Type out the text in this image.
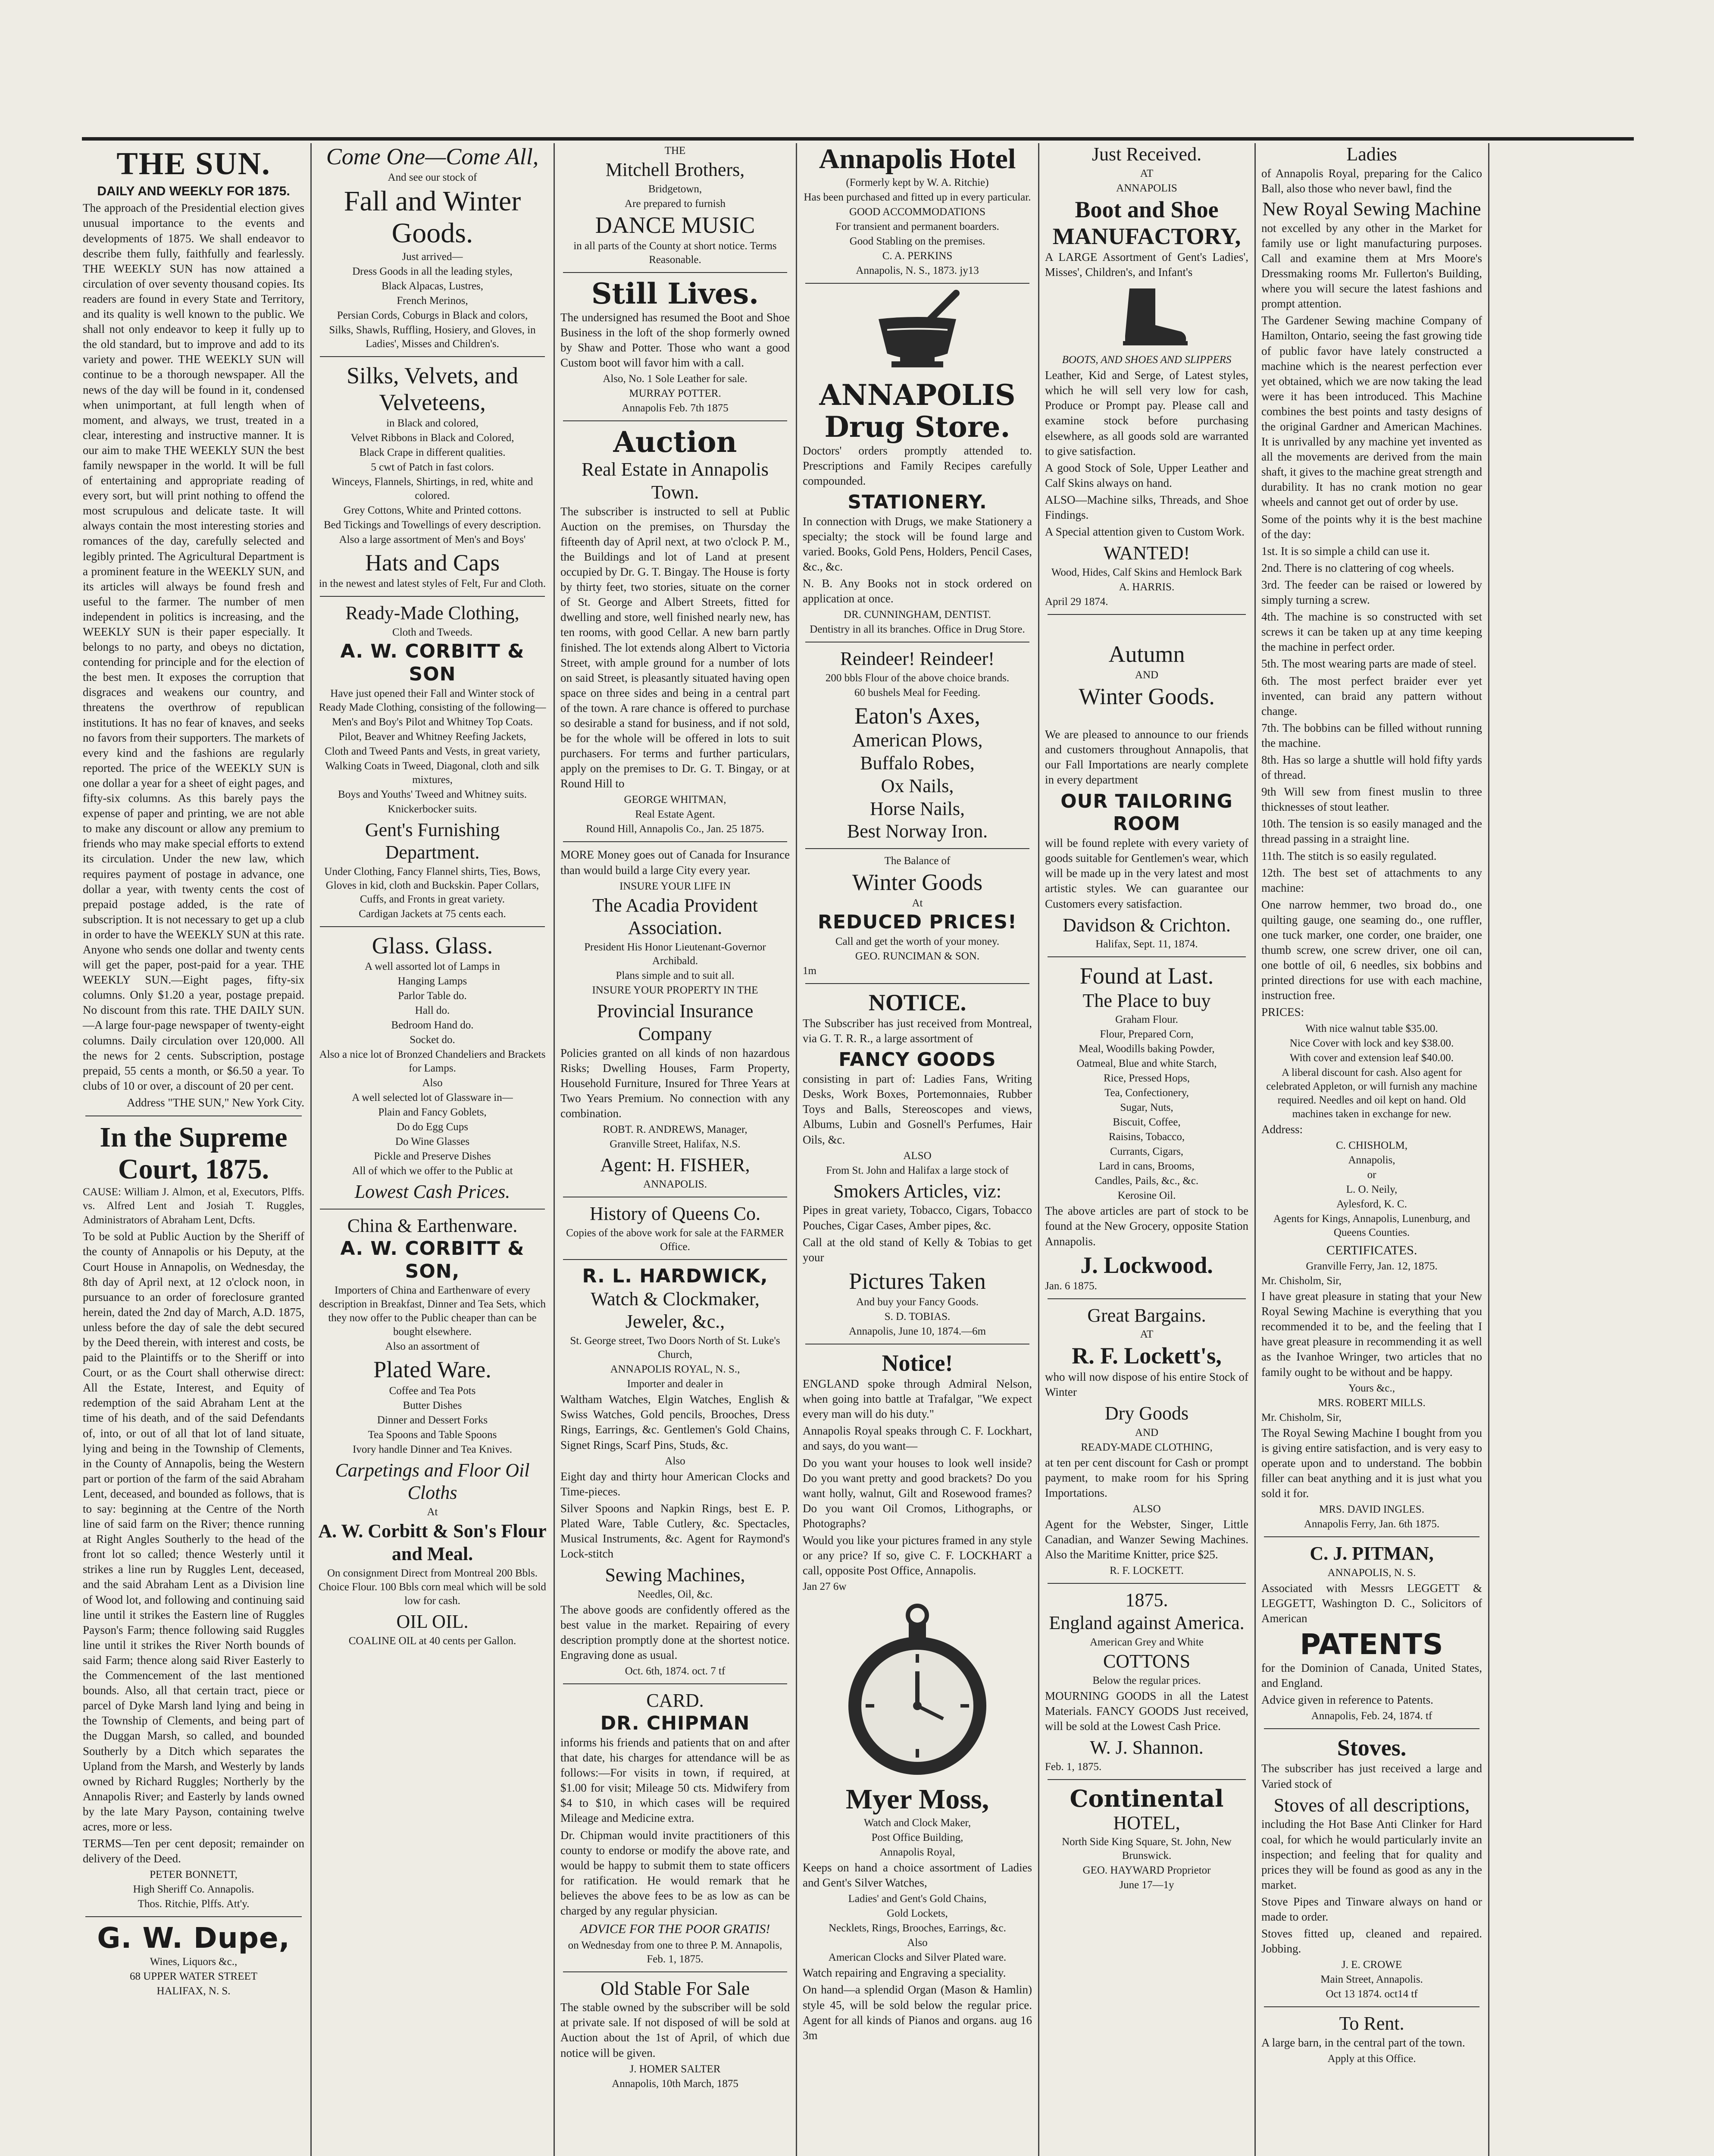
THE SUN.
DAILY AND WEEKLY FOR 1875.

The approach of the Presidential election gives unusual importance to the events and developments of 1875. We shall endeavor to describe them fully, faithfully and fearlessly. THE WEEKLY SUN has now attained a circulation of over seventy thousand copies. Its readers are found in every State and Territory, and its quality is well known to the public. We shall not only endeavor to keep it fully up to the old standard, but to improve and add to its variety and power. THE WEEKLY SUN will continue to be a thorough newspaper. All the news of the day will be found in it, condensed when unimportant, at full length when of moment, and always, we trust, treated in a clear, interesting and instructive manner. It is our aim to make THE WEEKLY SUN the best family newspaper in the world. It will be full of entertaining and appropriate reading of every sort, but will print nothing to offend the most scrupulous and delicate taste. It will always contain the most interesting stories and romances of the day, carefully selected and legibly printed. The Agricultural Department is a prominent feature in the WEEKLY SUN, and its articles will always be found fresh and useful to the farmer. The number of men independent in politics is increasing, and the WEEKLY SUN is their paper especially. It belongs to no party, and obeys no dictation, contending for principle and for the election of the best men. It exposes the corruption that disgraces and weakens our country, and threatens the overthrow of republican institutions. It has no fear of knaves, and seeks no favors from their supporters. The markets of every kind and the fashions are regularly reported. The price of the WEEKLY SUN is one dollar a year for a sheet of eight pages, and fifty-six columns. As this barely pays the expense of paper and printing, we are not able to make any discount or allow any premium to friends who may make special efforts to extend its circulation. Under the new law, which requires payment of postage in advance, one dollar a year, with twenty cents the cost of prepaid postage added, is the rate of subscription. It is not necessary to get up a club in order to have the WEEKLY SUN at this rate. Anyone who sends one dollar and twenty cents will get the paper, post-paid for a year. THE WEEKLY SUN.—Eight pages, fifty-six columns. Only $1.20 a year, postage prepaid. No discount from this rate. THE DAILY SUN.—A large four-page newspaper of twenty-eight columns. Daily circulation over 120,000. All the news for 2 cents. Subscription, postage prepaid, 55 cents a month, or $6.50 a year. To clubs of 10 or over, a discount of 20 per cent.

Address "THE SUN," New York City.

In the Supreme Court, 1875.

CAUSE: William J. Almon, et al, Executors, Plffs. vs. Alfred Lent and Josiah T. Ruggles, Administrators of Abraham Lent, Dcfts.

To be sold at Public Auction by the Sheriff of the county of Annapolis or his Deputy, at the Court House in Annapolis, on Wednesday, the 8th day of April next, at 12 o'clock noon, in pursuance to an order of foreclosure granted herein, dated the 2nd day of March, A.D. 1875, unless before the day of sale the debt secured by the Deed therein, with interest and costs, be paid to the Plaintiffs or to the Sheriff or into Court, or as the Court shall otherwise direct: All the Estate, Interest, and Equity of redemption of the said Abraham Lent at the time of his death, and of the said Defendants of, into, or out of all that lot of land situate, lying and being in the Township of Clements, in the County of Annapolis, being the Western part or portion of the farm of the said Abraham Lent, deceased, and bounded as follows, that is to say: beginning at the Centre of the North line of said farm on the River; thence running at Right Angles Southerly to the head of the front lot so called; thence Westerly until it strikes a line run by Ruggles Lent, deceased, and the said Abraham Lent as a Division line of Wood lot, and following and continuing said line until it strikes the Eastern line of Ruggles Payson's Farm; thence following said Ruggles line until it strikes the River North bounds of said Farm; thence along said River Easterly to the Commencement of the last mentioned bounds. Also, all that certain tract, piece or parcel of Dyke Marsh land lying and being in the Township of Clements, and being part of the Duggan Marsh, so called, and bounded Southerly by a Ditch which separates the Upland from the Marsh, and Westerly by lands owned by Richard Ruggles; Northerly by the Annapolis River; and Easterly by lands owned by the late Mary Payson, containing twelve acres, more or less.

TERMS—Ten per cent deposit; remainder on delivery of the Deed.

PETER BONNETT,
High Sheriff Co. Annapolis.
Thos. Ritchie, Plffs. Att'y.
G. W. Dupe,
Wines, Liquors &c.,
68 UPPER WATER STREET
HALIFAX, N. S.
Come One—Come All,
And see our stock of
Fall and Winter Goods.
Just arrived—
Dress Goods in all the leading styles,
Black Alpacas, Lustres,
French Merinos,
Persian Cords, Coburgs in Black and colors,
Silks, Shawls, Ruffling, Hosiery, and Gloves, in Ladies', Misses and Children's.
Silks, Velvets, and Velveteens,
in Black and colored,
Velvet Ribbons in Black and Colored,
Black Crape in different qualities.
5 cwt of Patch in fast colors.
Winceys, Flannels, Shirtings, in red, white and colored.
Grey Cottons, White and Printed cottons.
Bed Tickings and Towellings of every description.
Also a large assortment of Men's and Boys'
Hats and Caps
in the newest and latest styles of Felt, Fur and Cloth.
Ready-Made Clothing,
Cloth and Tweeds.
A. W. CORBITT & SON
Have just opened their Fall and Winter stock of Ready Made Clothing, consisting of the following—
Men's and Boy's Pilot and Whitney Top Coats.
Pilot, Beaver and Whitney Reefing Jackets,
Cloth and Tweed Pants and Vests, in great variety,
Walking Coats in Tweed, Diagonal, cloth and silk mixtures,
Boys and Youths' Tweed and Whitney suits.
Knickerbocker suits.
Gent's Furnishing Department.
Under Clothing, Fancy Flannel shirts, Ties, Bows, Gloves in kid, cloth and Buckskin. Paper Collars, Cuffs, and Fronts in great variety.
Cardigan Jackets at 75 cents each.
Glass. Glass.
A well assorted lot of Lamps in
Hanging Lamps
Parlor Table do.
Hall do.
Bedroom Hand do.
Socket do.
Also a nice lot of Bronzed Chandeliers and Brackets for Lamps.
Also
A well selected lot of Glassware in—
Plain and Fancy Goblets,
Do do Egg Cups
Do Wine Glasses
Pickle and Preserve Dishes
All of which we offer to the Public at
Lowest Cash Prices.
China & Earthenware.
A. W. CORBITT & SON,
Importers of China and Earthenware of every description in Breakfast, Dinner and Tea Sets, which they now offer to the Public cheaper than can be bought elsewhere.
Also an assortment of
Plated Ware.
Coffee and Tea Pots
Butter Dishes
Dinner and Dessert Forks
Tea Spoons and Table Spoons
Ivory handle Dinner and Tea Knives.
Carpetings and Floor Oil Cloths
At
A. W. Corbitt & Son's Flour and Meal.
On consignment Direct from Montreal 200 Bbls. Choice Flour. 100 Bbls corn meal which will be sold low for cash.
OIL OIL.
COALINE OIL at 40 cents per Gallon.
THE
Mitchell Brothers,
Bridgetown,
Are prepared to furnish
DANCE MUSIC
in all parts of the County at short notice. Terms Reasonable.
Still Lives.

The undersigned has resumed the Boot and Shoe Business in the loft of the shop formerly owned by Shaw and Potter. Those who want a good Custom boot will favor him with a call.

Also, No. 1 Sole Leather for sale.
MURRAY POTTER.
Annapolis Feb. 7th 1875
Auction
Real Estate in Annapolis Town.

The subscriber is instructed to sell at Public Auction on the premises, on Thursday the fifteenth day of April next, at two o'clock P. M., the Buildings and lot of Land at present occupied by Dr. G. T. Bingay. The House is forty by thirty feet, two stories, situate on the corner of St. George and Albert Streets, fitted for dwelling and store, well finished nearly new, has ten rooms, with good Cellar. A new barn partly finished. The lot extends along Albert to Victoria Street, with ample ground for a number of lots on said Street, is pleasantly situated having open space on three sides and being in a central part of the town. A rare chance is offered to purchase so desirable a stand for business, and if not sold, be for the whole will be offered in lots to suit purchasers. For terms and further particulars, apply on the premises to Dr. G. T. Bingay, or at Round Hill to

GEORGE WHITMAN,
Real Estate Agent.
Round Hill, Annapolis Co., Jan. 25 1875.

MORE Money goes out of Canada for Insurance than would build a large City every year.

INSURE YOUR LIFE IN
The Acadia Provident Association.
President His Honor Lieutenant-Governor Archibald.
Plans simple and to suit all.
INSURE YOUR PROPERTY IN THE
Provincial Insurance Company

Policies granted on all kinds of non hazardous Risks; Dwelling Houses, Farm Property, Household Furniture, Insured for Three Years at Two Years Premium. No connection with any combination.

ROBT. R. ANDREWS, Manager,
Granville Street, Halifax, N.S.
Agent: H. FISHER,
ANNAPOLIS.
History of Queens Co.
Copies of the above work for sale at the FARMER Office.
R. L. HARDWICK,
Watch & Clockmaker, Jeweler, &c.,
St. George street, Two Doors North of St. Luke's Church,
ANNAPOLIS ROYAL, N. S.,
Importer and dealer in

Waltham Watches, Elgin Watches, English & Swiss Watches, Gold pencils, Brooches, Dress Rings, Earrings, &c. Gentlemen's Gold Chains, Signet Rings, Scarf Pins, Studs, &c.

Also

Eight day and thirty hour American Clocks and Time-pieces.

Silver Spoons and Napkin Rings, best E. P. Plated Ware, Table Cutlery, &c. Spectacles, Musical Instruments, &c. Agent for Raymond's Lock-stitch

Sewing Machines,
Needles, Oil, &c.

The above goods are confidently offered as the best value in the market. Repairing of every description promptly done at the shortest notice. Engraving done as usual.

Oct. 6th, 1874. oct. 7 tf
CARD.
DR. CHIPMAN

informs his friends and patients that on and after that date, his charges for attendance will be as follows:—For visits in town, if required, at $1.00 for visit; Mileage 50 cts. Midwifery from $4 to $10, in which cases will be required Mileage and Medicine extra.

Dr. Chipman would invite practitioners of this county to endorse or modify the above rate, and would be happy to submit them to state officers for ratification. He would remark that he believes the above fees to be as low as can be charged by any regular physician.

ADVICE FOR THE POOR GRATIS!
on Wednesday from one to three P. M. Annapolis, Feb. 1, 1875.
Old Stable For Sale

The stable owned by the subscriber will be sold at private sale. If not disposed of will be sold at Auction about the 1st of April, of which due notice will be given.

J. HOMER SALTER
Annapolis, 10th March, 1875
Annapolis Hotel
(Formerly kept by W. A. Ritchie)
Has been purchased and fitted up in every particular.
GOOD ACCOMMODATIONS
For transient and permanent boarders.
Good Stabling on the premises.
C. A. PERKINS
Annapolis, N. S., 1873. jy13
ANNAPOLIS Drug Store.

Doctors' orders promptly attended to. Prescriptions and Family Recipes carefully compounded.

STATIONERY.

In connection with Drugs, we make Stationery a specialty; the stock will be found large and varied. Books, Gold Pens, Holders, Pencil Cases, &c., &c.

N. B. Any Books not in stock ordered on application at once.

DR. CUNNINGHAM, DENTIST.
Dentistry in all its branches. Office in Drug Store.
Reindeer! Reindeer!
200 bbls Flour of the above choice brands.
60 bushels Meal for Feeding.
Eaton's Axes,
American Plows,
Buffalo Robes,
Ox Nails,
Horse Nails,
Best Norway Iron.
The Balance of
Winter Goods
At
REDUCED PRICES!
Call and get the worth of your money.
GEO. RUNCIMAN & SON.
1m
NOTICE.

The Subscriber has just received from Montreal, via G. T. R. R., a large assortment of

FANCY GOODS

consisting in part of: Ladies Fans, Writing Desks, Work Boxes, Portemonnaies, Rubber Toys and Balls, Stereoscopes and views, Albums, Lubin and Gosnell's Perfumes, Hair Oils, &c.

ALSO
From St. John and Halifax a large stock of
Smokers Articles, viz:

Pipes in great variety, Tobacco, Cigars, Tobacco Pouches, Cigar Cases, Amber pipes, &c.

Call at the old stand of Kelly & Tobias to get your

Pictures Taken
And buy your Fancy Goods.
S. D. TOBIAS.
Annapolis, June 10, 1874.—6m
Notice!

ENGLAND spoke through Admiral Nelson, when going into battle at Trafalgar, "We expect every man will do his duty."

Annapolis Royal speaks through C. F. Lockhart, and says, do you want—

Do you want your houses to look well inside? Do you want pretty and good brackets? Do you want holly, walnut, Gilt and Rosewood frames? Do you want Oil Cromos, Lithographs, or Photographs?

Would you like your pictures framed in any style or any price? If so, give C. F. LOCKHART a call, opposite Post Office, Annapolis.

Jan 27 6w
Myer Moss,
Watch and Clock Maker,
Post Office Building,
Annapolis Royal,

Keeps on hand a choice assortment of Ladies and Gent's Silver Watches,

Ladies' and Gent's Gold Chains,
Gold Lockets,
Necklets, Rings, Brooches, Earrings, &c.
Also
American Clocks and Silver Plated ware.

Watch repairing and Engraving a speciality.

On hand—a splendid Organ (Mason & Hamlin) style 45, will be sold below the regular price. Agent for all kinds of Pianos and organs. aug 16 3m

Just Received.
AT
ANNAPOLIS
Boot and Shoe MANUFACTORY,

A LARGE Assortment of Gent's Ladies', Misses', Children's, and Infant's

BOOTS, AND SHOES AND SLIPPERS

Leather, Kid and Serge, of Latest styles, which he will sell very low for cash, Produce or Prompt pay. Please call and examine stock before purchasing elsewhere, as all goods sold are warranted to give satisfaction.

A good Stock of Sole, Upper Leather and Calf Skins always on hand.

ALSO—Machine silks, Threads, and Shoe Findings.

A Special attention given to Custom Work.

WANTED!
Wood, Hides, Calf Skins and Hemlock Bark
A. HARRIS.
April 29 1874.
Autumn
AND
Winter Goods.

We are pleased to announce to our friends and customers throughout Annapolis, that our Fall Importations are nearly complete in every department

OUR TAILORING ROOM

will be found replete with every variety of goods suitable for Gentlemen's wear, which will be made up in the very latest and most artistic styles. We can guarantee our Customers every satisfaction.

Davidson & Crichton.
Halifax, Sept. 11, 1874.
Found at Last.
The Place to buy
Graham Flour.
Flour, Prepared Corn,
Meal, Woodills baking Powder,
Oatmeal, Blue and white Starch,
Rice, Pressed Hops,
Tea, Confectionery,
Sugar, Nuts,
Biscuit, Coffee,
Raisins, Tobacco,
Currants, Cigars,
Lard in cans, Brooms,
Candles, Pails, &c., &c.
Kerosine Oil.

The above articles are part of stock to be found at the New Grocery, opposite Station Annapolis.

J. Lockwood.
Jan. 6 1875.
Great Bargains.
AT
R. F. Lockett's,

who will now dispose of his entire Stock of Winter

Dry Goods
AND
READY-MADE CLOTHING,

at ten per cent discount for Cash or prompt payment, to make room for his Spring Importations.

ALSO

Agent for the Webster, Singer, Little Canadian, and Wanzer Sewing Machines. Also the Maritime Knitter, price $25.

R. F. LOCKETT.
1875.
England against America.
American Grey and White
COTTONS
Below the regular prices.

MOURNING GOODS in all the Latest Materials. FANCY GOODS Just received, will be sold at the Lowest Cash Price.

W. J. Shannon.
Feb. 1, 1875.
Continental
HOTEL,
North Side King Square, St. John, New Brunswick.
GEO. HAYWARD Proprietor
June 17—1y
Ladies

of Annapolis Royal, preparing for the Calico Ball, also those who never bawl, find the

New Royal Sewing Machine

not excelled by any other in the Market for family use or light manufacturing purposes. Call and examine them at Mrs Moore's Dressmaking rooms Mr. Fullerton's Building, where you will secure the latest fashions and prompt attention.

The Gardener Sewing machine Company of Hamilton, Ontario, seeing the fast growing tide of public favor have lately constructed a machine which is the nearest perfection ever yet obtained, which we are now taking the lead were it has been introduced. This Machine combines the best points and tasty designs of the original Gardner and American Machines. It is unrivalled by any machine yet invented as all the movements are derived from the main shaft, it gives to the machine great strength and durability. It has no crank motion no gear wheels and cannot get out of order by use.

Some of the points why it is the best machine of the day:

1st. It is so simple a child can use it.

2nd. There is no clattering of cog wheels.

3rd. The feeder can be raised or lowered by simply turning a screw.

4th. The machine is so constructed with set screws it can be taken up at any time keeping the machine in perfect order.

5th. The most wearing parts are made of steel.

6th. The most perfect braider ever yet invented, can braid any pattern without change.

7th. The bobbins can be filled without running the machine.

8th. Has so large a shuttle will hold fifty yards of thread.

9th Will sew from finest muslin to three thicknesses of stout leather.

10th. The tension is so easily managed and the thread passing in a straight line.

11th. The stitch is so easily regulated.

12th. The best set of attachments to any machine:

One narrow hemmer, two broad do., one quilting gauge, one seaming do., one ruffler, one tuck marker, one corder, one braider, one thumb screw, one screw driver, one oil can, one bottle of oil, 6 needles, six bobbins and printed directions for use with each machine, instruction free.

PRICES:

With nice walnut table $35.00.
Nice Cover with lock and key $38.00.
With cover and extension leaf $40.00.
A liberal discount for cash. Also agent for celebrated Appleton, or will furnish any machine required. Needles and oil kept on hand. Old machines taken in exchange for new.

Address:

C. CHISHOLM,
Annapolis,
or
L. O. Neily,
Aylesford, K. C.
Agents for Kings, Annapolis, Lunenburg, and Queens Counties.

CERTIFICATES.
Granville Ferry, Jan. 12, 1875.
Mr. Chisholm, Sir,

I have great pleasure in stating that your New Royal Sewing Machine is everything that you recommended it to be, and the feeling that I have great pleasure in recommending it as well as the Ivanhoe Wringer, two articles that no family ought to be without and be happy.

Yours &c.,
MRS. ROBERT MILLS.
Mr. Chisholm, Sir,

The Royal Sewing Machine I bought from you is giving entire satisfaction, and is very easy to operate upon and to understand. The bobbin filler can beat anything and it is just what you sold it for.

MRS. DAVID INGLES.
Annapolis Ferry, Jan. 6th 1875.
C. J. PITMAN,
ANNAPOLIS, N. S.

Associated with Messrs LEGGETT & LEGGETT, Washington D. C., Solicitors of American

PATENTS

for the Dominion of Canada, United States, and England.

Advice given in reference to Patents.

Annapolis, Feb. 24, 1874. tf
Stoves.

The subscriber has just received a large and Varied stock of

Stoves of all descriptions,

including the Hot Base Anti Clinker for Hard coal, for which he would particularly invite an inspection; and feeling that for quality and prices they will be found as good as any in the market.

Stove Pipes and Tinware always on hand or made to order.

Stoves fitted up, cleaned and repaired. Jobbing.

J. E. CROWE
Main Street, Annapolis.
Oct 13 1874. oct14 tf
To Rent.

A large barn, in the central part of the town.

Apply at this Office.
